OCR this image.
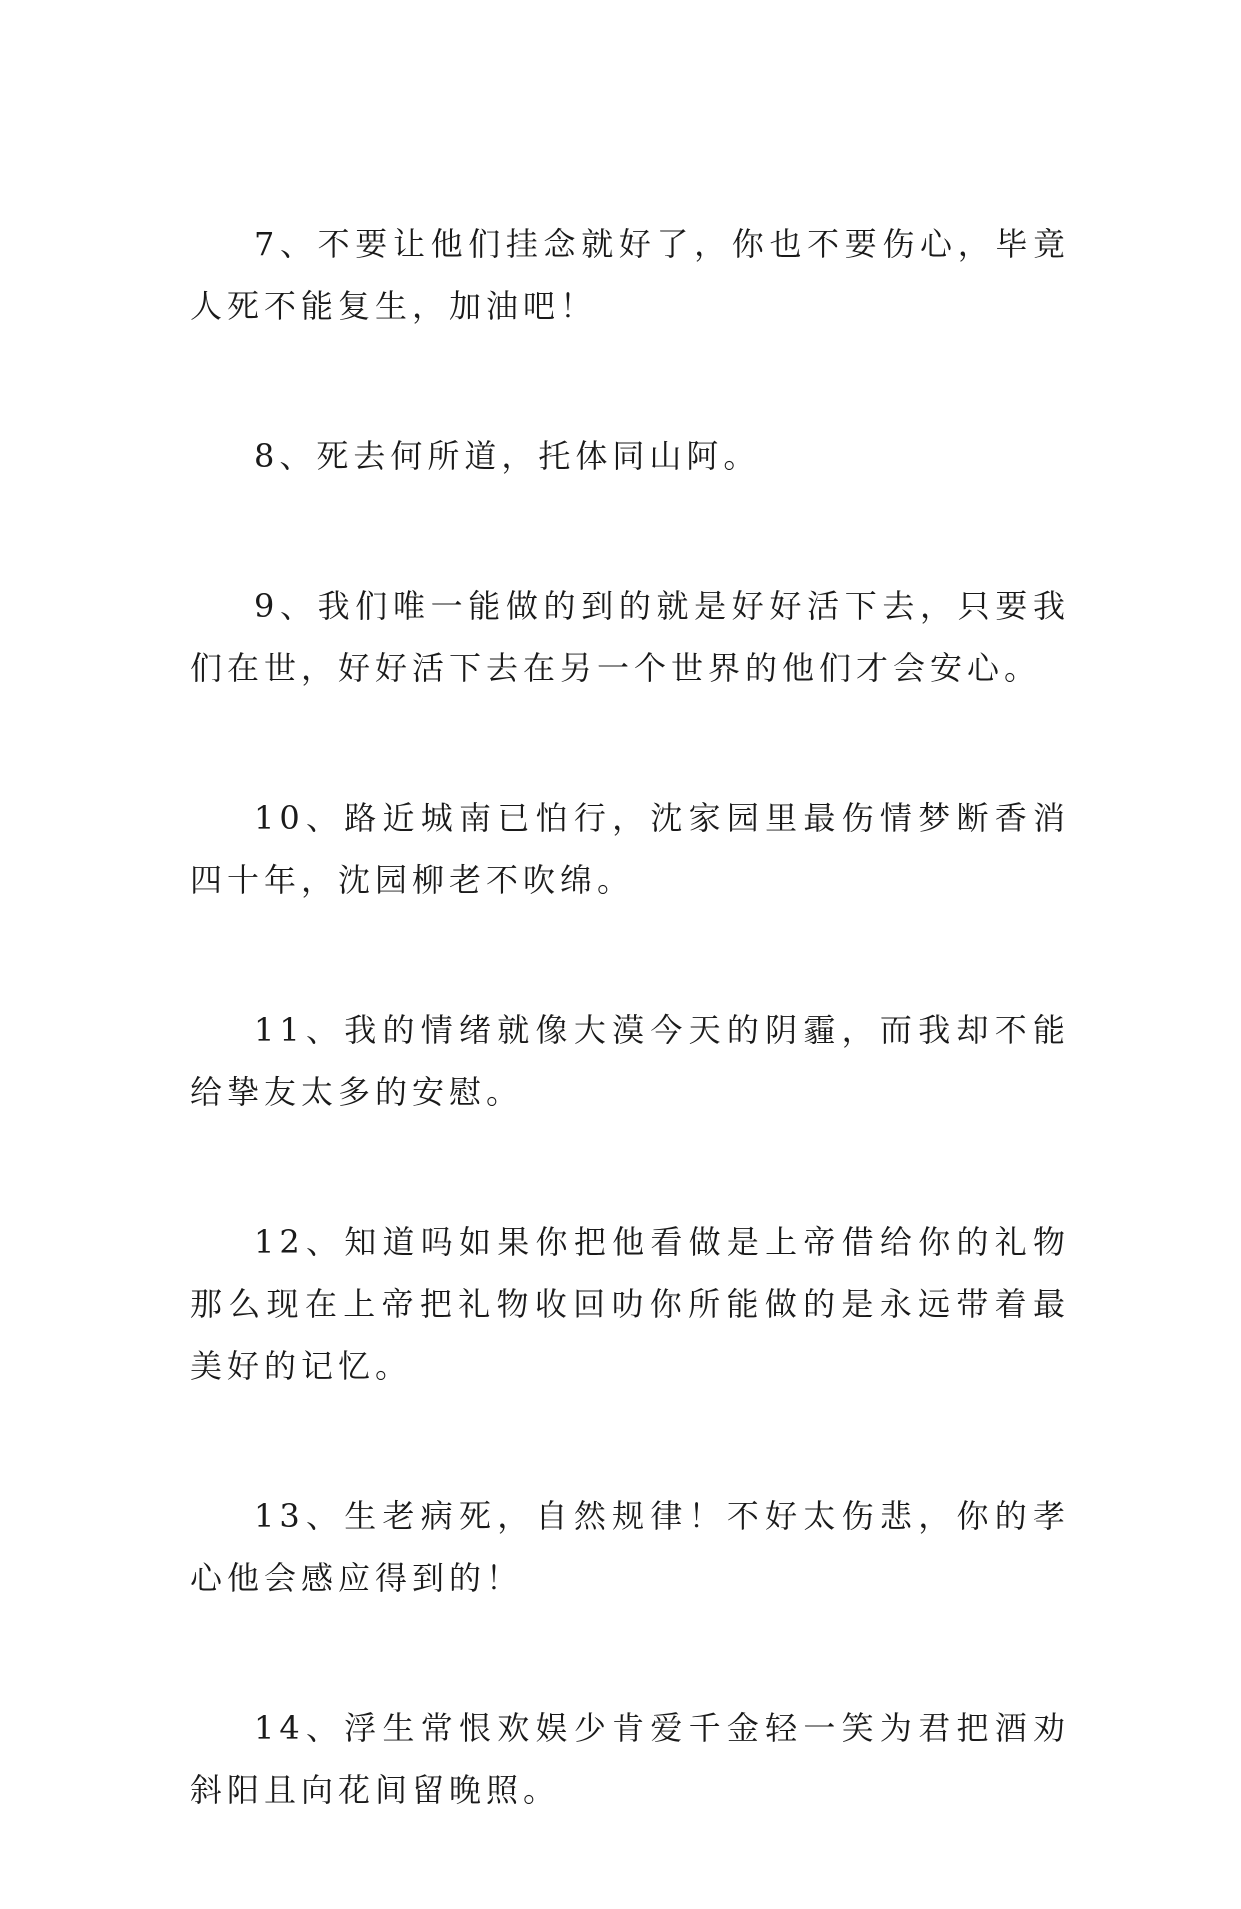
7、不要让他们挂念就好了，你也不要伤心，毕竟人死不能复生，加油吧！

8、死去何所道，托体同山阿。

9、我们唯一能做的到的就是好好活下去，只要我们在世，好好活下去在另一个世界的他们才会安心。

10、路近城南已怕行，沈家园里最伤情梦断香消四十年，沈园柳老不吹绵。

11、我的情绪就像大漠今天的阴霾，而我却不能给挚友太多的安慰。

12、知道吗如果你把他看做是上帝借给你的礼物那么现在上帝把礼物收回叻你所能做的是永远带着最美好的记忆。

13、生老病死，自然规律！不好太伤悲，你的孝心他会感应得到的！

14、浮生常恨欢娱少肯爱千金轻一笑为君把酒劝斜阳且向花间留晚照。
